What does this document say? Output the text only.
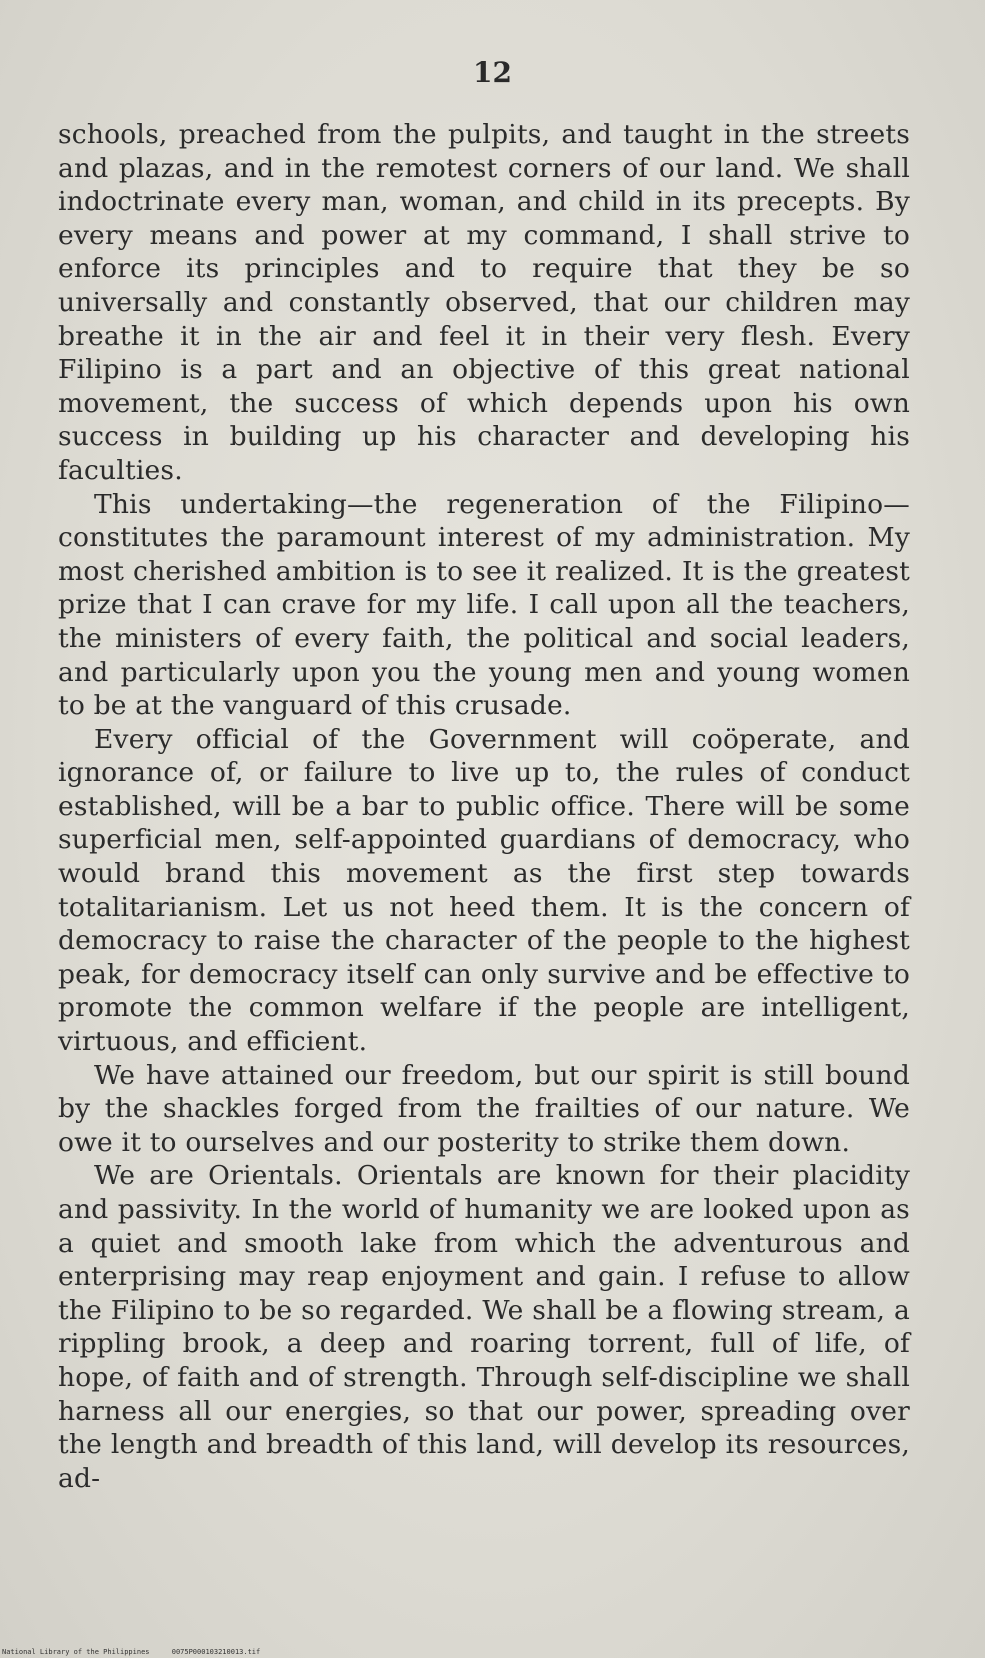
12

schools, preached from the pulpits, and taught in the streets and plazas, and in the remotest corners of our land. We shall indoctrinate every man, woman, and child in its precepts. By every means and power at my command, I shall strive to enforce its principles and to require that they be so universally and constantly observed, that our children may breathe it in the air and feel it in their very flesh. Every Filipino is a part and an objective of this great national movement, the success of which depends upon his own success in building up his character and developing his faculties.

This undertaking—the regeneration of the Filipino—constitutes the paramount interest of my administration. My most cherished ambition is to see it realized. It is the greatest prize that I can crave for my life. I call upon all the teachers, the ministers of every faith, the political and social leaders, and particularly upon you the young men and young women to be at the vanguard of this crusade.

Every official of the Government will coöperate, and ignorance of, or failure to live up to, the rules of conduct established, will be a bar to public office. There will be some superficial men, self-appointed guardians of democracy, who would brand this movement as the first step towards totalitarianism. Let us not heed them. It is the concern of democracy to raise the character of the people to the highest peak, for democracy itself can only survive and be effective to promote the common welfare if the people are intelligent, virtuous, and efficient.

We have attained our freedom, but our spirit is still bound by the shackles forged from the frailties of our nature. We owe it to ourselves and our posterity to strike them down.

We are Orientals. Orientals are known for their placidity and passivity. In the world of humanity we are looked upon as a quiet and smooth lake from which the adventurous and enterprising may reap enjoyment and gain. I refuse to allow the Filipino to be so regarded. We shall be a flowing stream, a rippling brook, a deep and roaring torrent, full of life, of hope, of faith and of strength. Through self-discipline we shall harness all our energies, so that our power, spreading over the length and breadth of this land, will develop its resources, ad-

National Library of the Philippines	0075P000103210013.tif
